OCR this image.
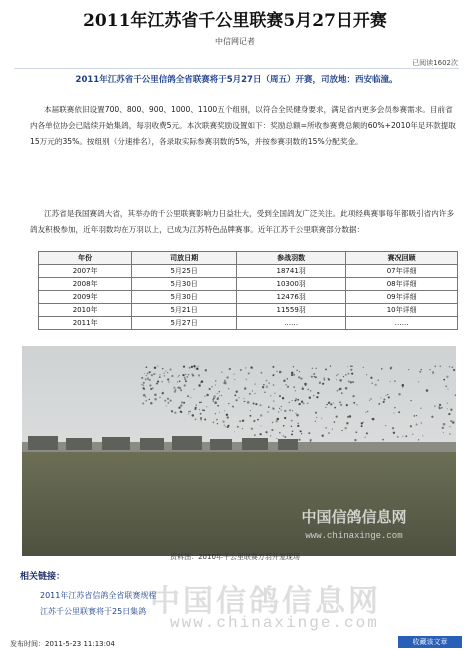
2011年江苏省千公里联赛5月27日开赛
中信网记者
已阅读1602次
2011年江苏省千公里信鸽全省联赛将于5月27日（周五）开赛，司放地：西安临潼。

本届联赛依旧设置700、800、900、1000、1100五个组别，以符合全民健身要求，满足省内更多会员参赛需求。目前省内各单位协会已陆续开始集鸽，每羽收费5元。本次联赛奖励设置如下：奖励总额=所收参赛费总额的60%+2010年足环款提取15万元的35%。按组别（分速排名），各录取实际参赛羽数的5%，并按参赛羽数的15%分配奖金。

江苏省是我国赛鸽大省，其举办的千公里联赛影响力日益壮大，受到全国鸽友广泛关注。此项经典赛事每年都吸引省内许多鸽友积极参加，近年羽数均在万羽以上，已成为江苏特色品牌赛事。近年江苏千公里联赛部分数据：

年份	司放日期	参战羽数	赛况回顾
2007年	5月25日	18741羽	07年详细
2008年	5月30日	10300羽	08年详细
2009年	5月30日	12476羽	09年详细
2010年	5月21日	11559羽	10年详细
2011年	5月27日	……	……
中国信鸽信息网
www.chinaxinge.com
资料图：2010年千公里联赛万羽开笼现场
中国信鸽信息网
www.chinaxinge.com
相关链接：
2011年江苏省信鸽全省联赛规程
江苏千公里联赛将于25日集鸽
发布时间：2011-5-23 11:13:04	收藏该文章
